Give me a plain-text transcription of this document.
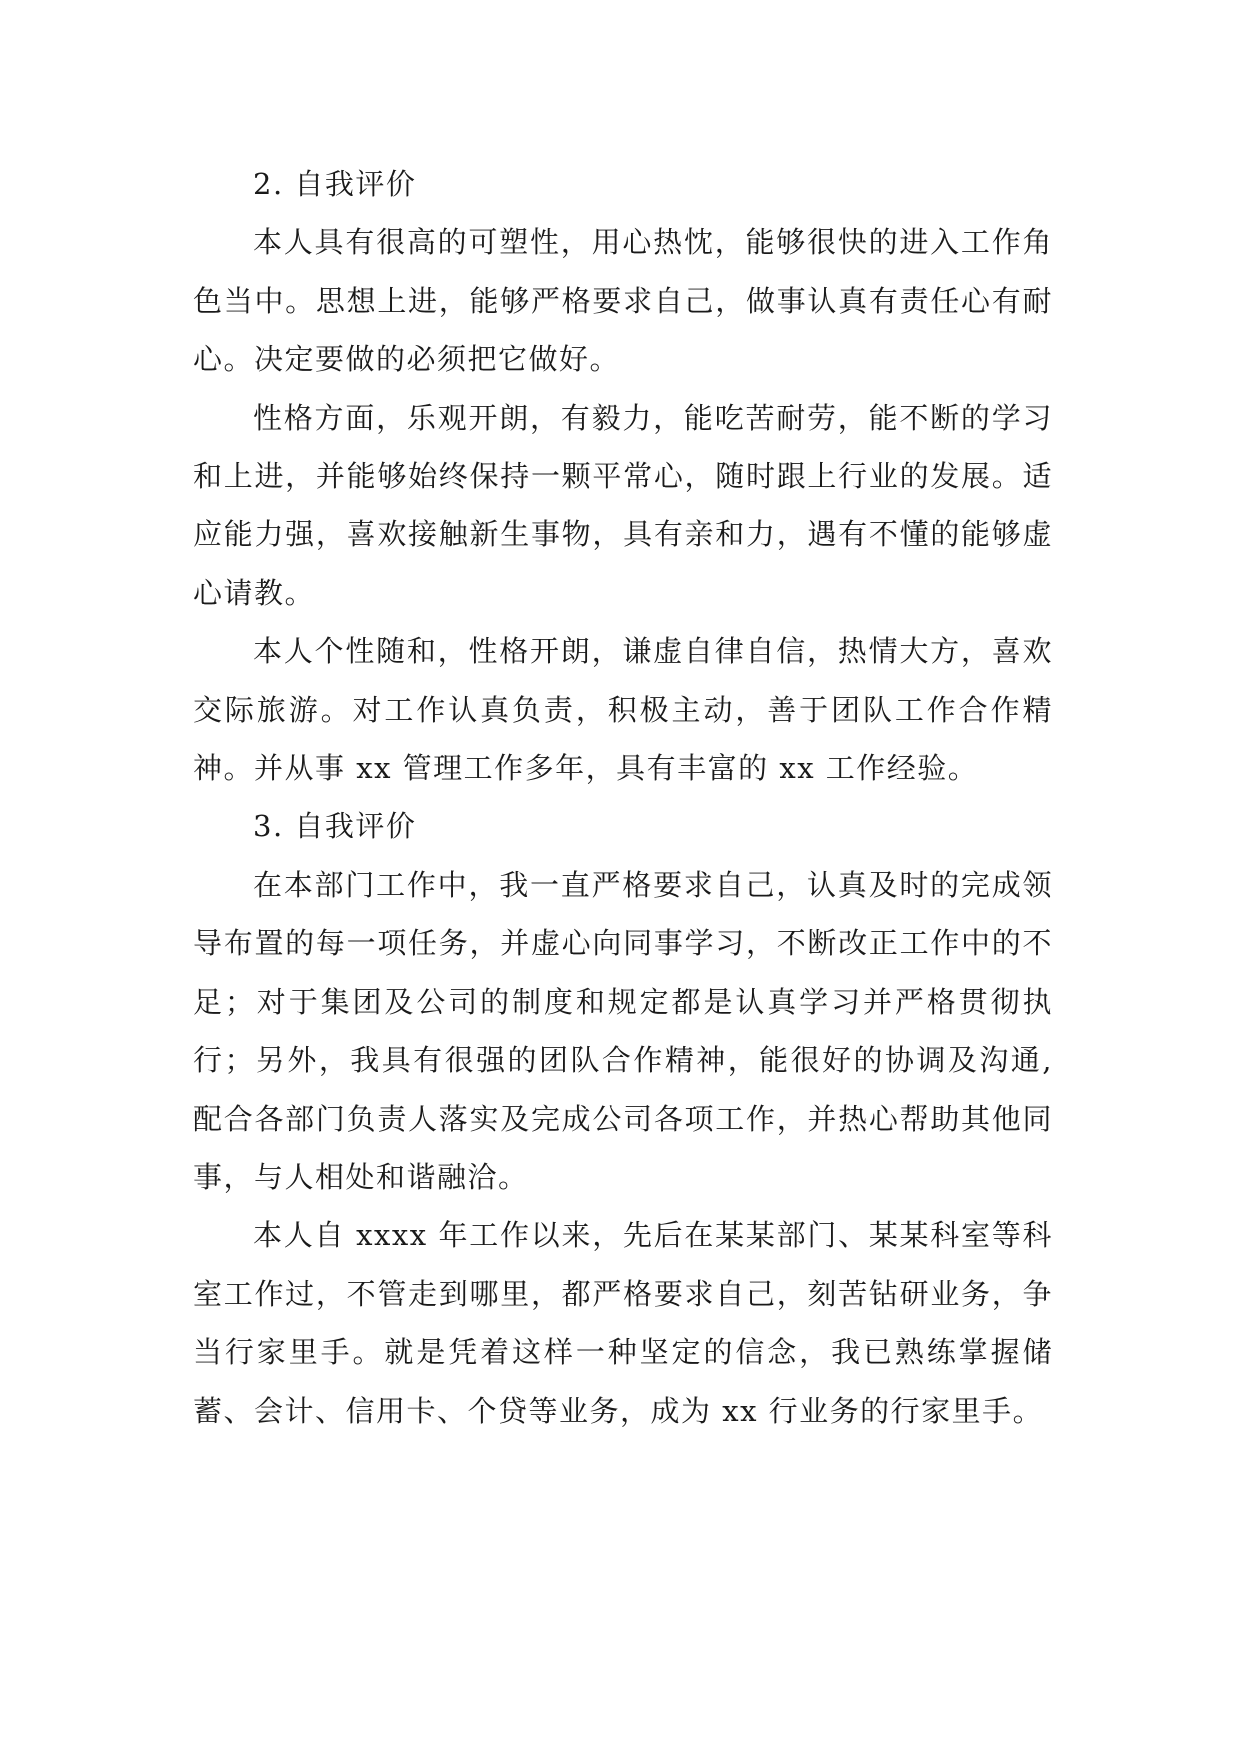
2. 自我评价

本人具有很高的可塑性，用心热忱，能够很快的进入工作角色当中。思想上进，能够严格要求自己，做事认真有责任心有耐心。决定要做的必须把它做好。

性格方面，乐观开朗，有毅力，能吃苦耐劳，能不断的学习和上进，并能够始终保持一颗平常心，随时跟上行业的发展。适应能力强，喜欢接触新生事物，具有亲和力，遇有不懂的能够虚心请教。

本人个性随和，性格开朗，谦虚自律自信，热情大方，喜欢交际旅游。对工作认真负责，积极主动，善于团队工作合作精神。并从事 xx 管理工作多年，具有丰富的 xx 工作经验。

3. 自我评价

在本部门工作中，我一直严格要求自己，认真及时的完成领导布置的每一项任务，并虚心向同事学习，不断改正工作中的不足；对于集团及公司的制度和规定都是认真学习并严格贯彻执行；另外，我具有很强的团队合作精神，能很好的协调及沟通,配合各部门负责人落实及完成公司各项工作，并热心帮助其他同事，与人相处和谐融洽。

本人自 xxxx 年工作以来，先后在某某部门、某某科室等科室工作过，不管走到哪里，都严格要求自己，刻苦钻研业务，争当行家里手。就是凭着这样一种坚定的信念，我已熟练掌握储蓄、会计、信用卡、个贷等业务，成为 xx 行业务的行家里手。
